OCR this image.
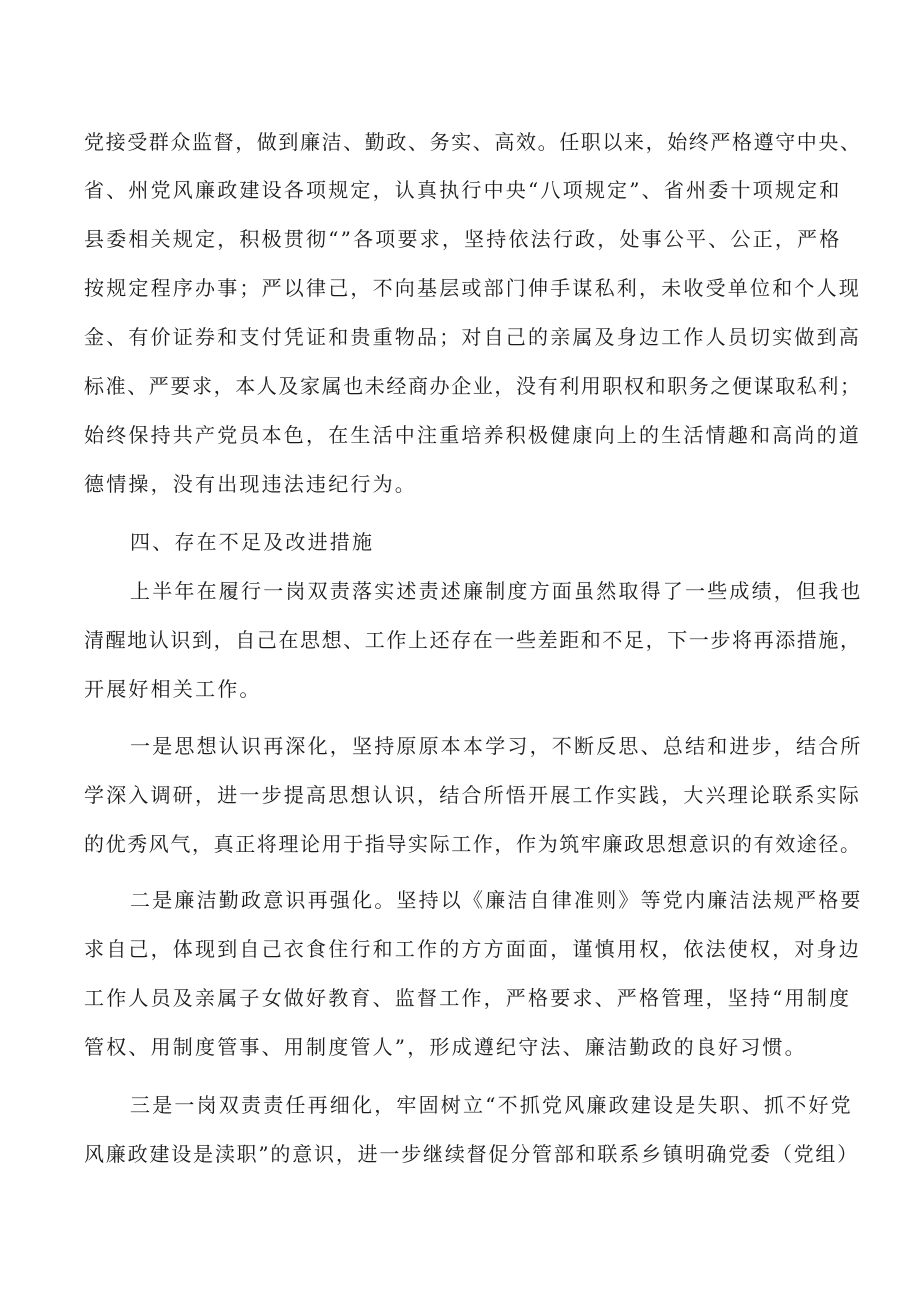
党接受群众监督，做到廉洁、勤政、务实、高效。任职以来，始终严格遵守中央、
省、州党风廉政建设各项规定，认真执行中央“八项规定”、省州委十项规定和
县委相关规定，积极贯彻“”各项要求，坚持依法行政，处事公平、公正，严格
按规定程序办事；严以律己，不向基层或部门伸手谋私利，未收受单位和个人现
金、有价证券和支付凭证和贵重物品；对自己的亲属及身边工作人员切实做到高
标准、严要求，本人及家属也未经商办企业，没有利用职权和职务之便谋取私利；
始终保持共产党员本色，在生活中注重培养积极健康向上的生活情趣和高尚的道
德情操，没有出现违法违纪行为。
四、存在不足及改进措施
上半年在履行一岗双责落实述责述廉制度方面虽然取得了一些成绩，但我也
清醒地认识到，自己在思想、工作上还存在一些差距和不足，下一步将再添措施，
开展好相关工作。
一是思想认识再深化，坚持原原本本学习，不断反思、总结和进步，结合所
学深入调研，进一步提高思想认识，结合所悟开展工作实践，大兴理论联系实际
的优秀风气，真正将理论用于指导实际工作，作为筑牢廉政思想意识的有效途径。
二是廉洁勤政意识再强化。坚持以《廉洁自律准则》等党内廉洁法规严格要
求自己，体现到自己衣食住行和工作的方方面面，谨慎用权，依法使权，对身边
工作人员及亲属子女做好教育、监督工作，严格要求、严格管理，坚持“用制度
管权、用制度管事、用制度管人”，形成遵纪守法、廉洁勤政的良好习惯。
三是一岗双责责任再细化，牢固树立“不抓党风廉政建设是失职、抓不好党
风廉政建设是渎职”的意识，进一步继续督促分管部和联系乡镇明确党委（党组）
